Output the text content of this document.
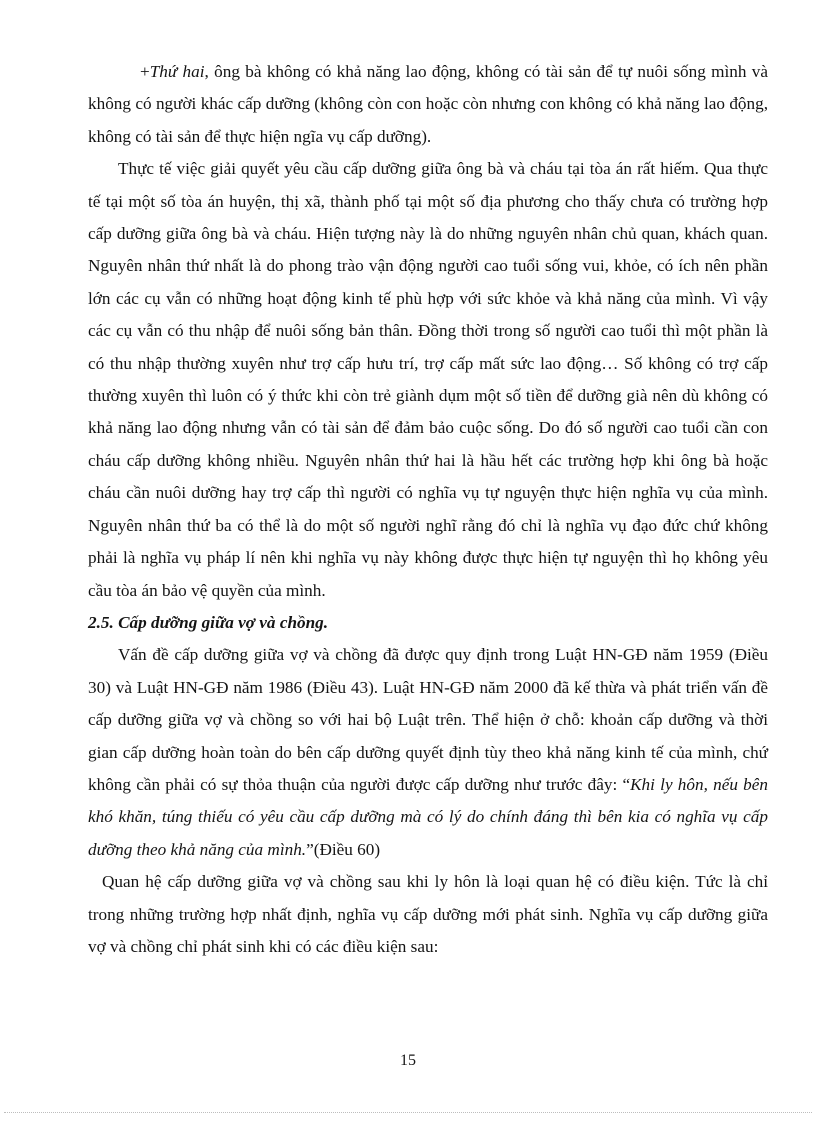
+Thứ hai, ông bà không có khả năng lao động, không có tài sản để tự nuôi sống mình và không có người khác cấp dưỡng (không còn con hoặc còn nhưng con không có khả năng lao động, không có tài sản để thực hiện ngĩa vụ cấp dưỡng).

Thực tế việc giải quyết yêu cầu cấp dưỡng giữa ông bà và cháu tại tòa án rất hiếm. Qua thực tế tại một số tòa án huyện, thị xã, thành phố tại một số địa phương cho thấy chưa có trường hợp cấp dưỡng giữa ông bà và cháu. Hiện tượng này là do những nguyên nhân chủ quan, khách quan. Nguyên nhân thứ nhất là do phong trào vận động người cao tuổi sống vui, khỏe, có ích nên phần lớn các cụ vẫn có những hoạt động kinh tế phù hợp với sức khỏe và khả năng của mình. Vì vậy các cụ vẫn có thu nhập để nuôi sống bản thân. Đồng thời trong số người cao tuổi thì một phần là có thu nhập thường xuyên như trợ cấp hưu trí, trợ cấp mất sức lao động… Số không có trợ cấp thường xuyên thì luôn có ý thức khi còn trẻ giành dụm một số tiền để dưỡng già nên dù không có khả năng lao động nhưng vẫn có tài sản để đảm bảo cuộc sống. Do đó số người cao tuổi cần con cháu cấp dưỡng không nhiều. Nguyên nhân thứ hai là hầu hết các trường hợp khi ông bà hoặc cháu cần nuôi dưỡng hay trợ cấp thì người có nghĩa vụ tự nguyện thực hiện nghĩa vụ của mình. Nguyên nhân thứ ba có thể là do một số người nghĩ rằng đó chỉ là nghĩa vụ đạo đức chứ không phải là nghĩa vụ pháp lí nên khi nghĩa vụ này không được thực hiện tự nguyện thì họ không yêu cầu tòa án bảo vệ quyền của mình.

2.5. Cấp dưỡng giữa vợ và chồng.

Vấn đề cấp dưỡng giữa vợ và chồng đã được quy định trong Luật HN-GĐ năm 1959 (Điều 30) và Luật HN-GĐ năm 1986 (Điều 43). Luật HN-GĐ năm 2000 đã kế thừa và phát triển vấn đề cấp dưỡng giữa vợ và chồng so với hai bộ Luật trên. Thể hiện ở chỗ: khoản cấp dưỡng và thời gian cấp dưỡng hoàn toàn do bên cấp dưỡng quyết định tùy theo khả năng kinh tế của mình, chứ không cần phải có sự thỏa thuận của người được cấp dưỡng như trước đây: “Khi ly hôn, nếu bên khó khăn, túng thiếu có yêu cầu cấp dưỡng mà có lý do chính đáng thì bên kia có nghĩa vụ cấp dưỡng theo khả năng của mình.”(Điều 60)

Quan hệ cấp dưỡng giữa vợ và chồng sau khi ly hôn là loại quan hệ có điều kiện. Tức là chỉ trong những trường hợp nhất định, nghĩa vụ cấp dưỡng mới phát sinh. Nghĩa vụ cấp dưỡng giữa vợ và chồng chỉ phát sinh khi có các điều kiện sau:

15
